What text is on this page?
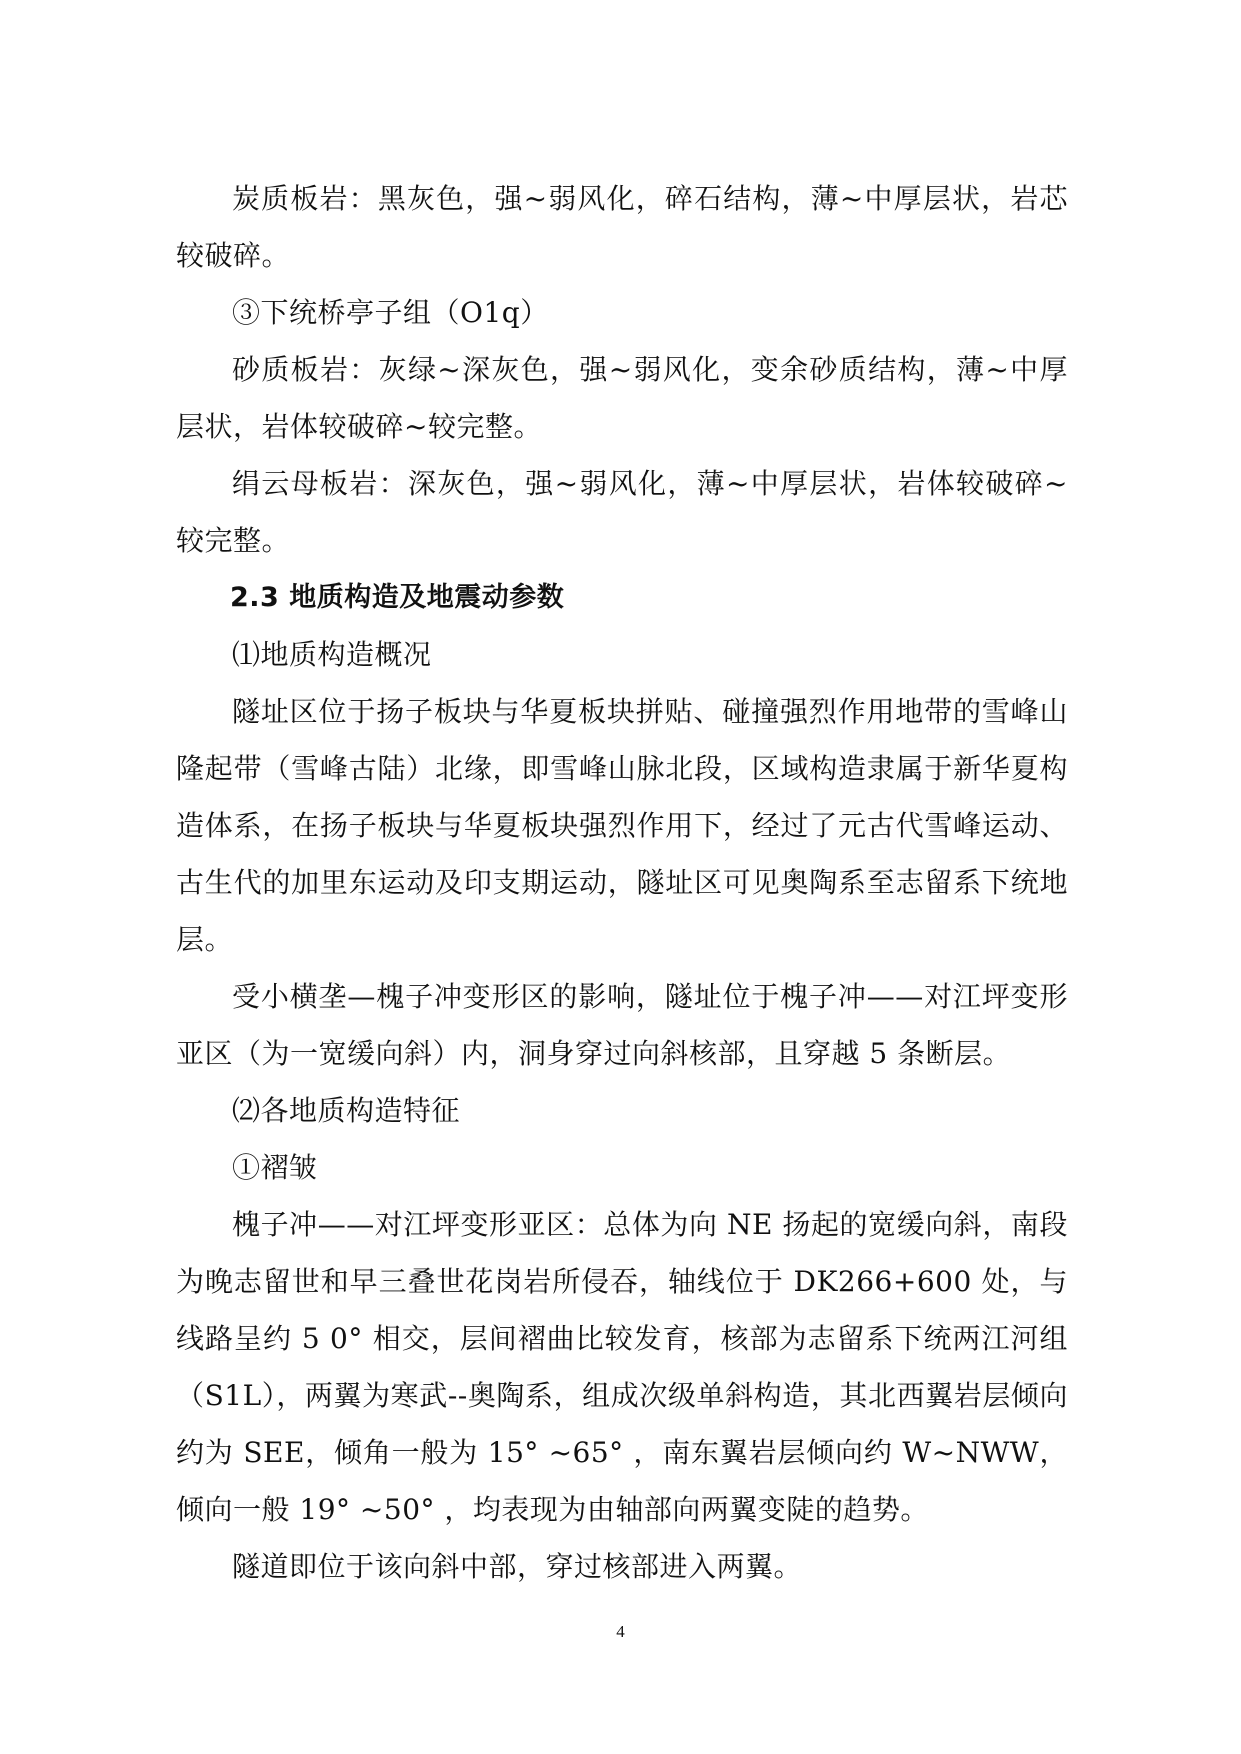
炭质板岩：黑灰色，强~弱风化，碎石结构，薄~中厚层状，岩芯较破碎。

③下统桥亭子组（O1q）

砂质板岩：灰绿~深灰色，强~弱风化，变余砂质结构，薄~中厚层状，岩体较破碎~较完整。

绢云母板岩：深灰色，强~弱风化，薄~中厚层状，岩体较破碎~较完整。

2.3 地质构造及地震动参数

⑴地质构造概况

隧址区位于扬子板块与华夏板块拼贴、碰撞强烈作用地带的雪峰山隆起带（雪峰古陆）北缘，即雪峰山脉北段，区域构造隶属于新华夏构造体系，在扬子板块与华夏板块强烈作用下，经过了元古代雪峰运动、古生代的加里东运动及印支期运动，隧址区可见奥陶系至志留系下统地层。

受小横垄—槐子冲变形区的影响，隧址位于槐子冲——对江坪变形亚区（为一宽缓向斜）内，洞身穿过向斜核部，且穿越 5 条断层。

⑵各地质构造特征

①褶皱

槐子冲——对江坪变形亚区：总体为向 NE 扬起的宽缓向斜，南段为晚志留世和早三叠世花岗岩所侵吞，轴线位于 DK266+600 处，与线路呈约 5 0° 相交，层间褶曲比较发育，核部为志留系下统两江河组（S1L），两翼为寒武--奥陶系，组成次级单斜构造，其北西翼岩层倾向约为 SEE，倾角一般为 15° ~65° ，南东翼岩层倾向约 W~NWW，倾向一般 19° ~50° ，均表现为由轴部向两翼变陡的趋势。

隧道即位于该向斜中部，穿过核部进入两翼。

4
